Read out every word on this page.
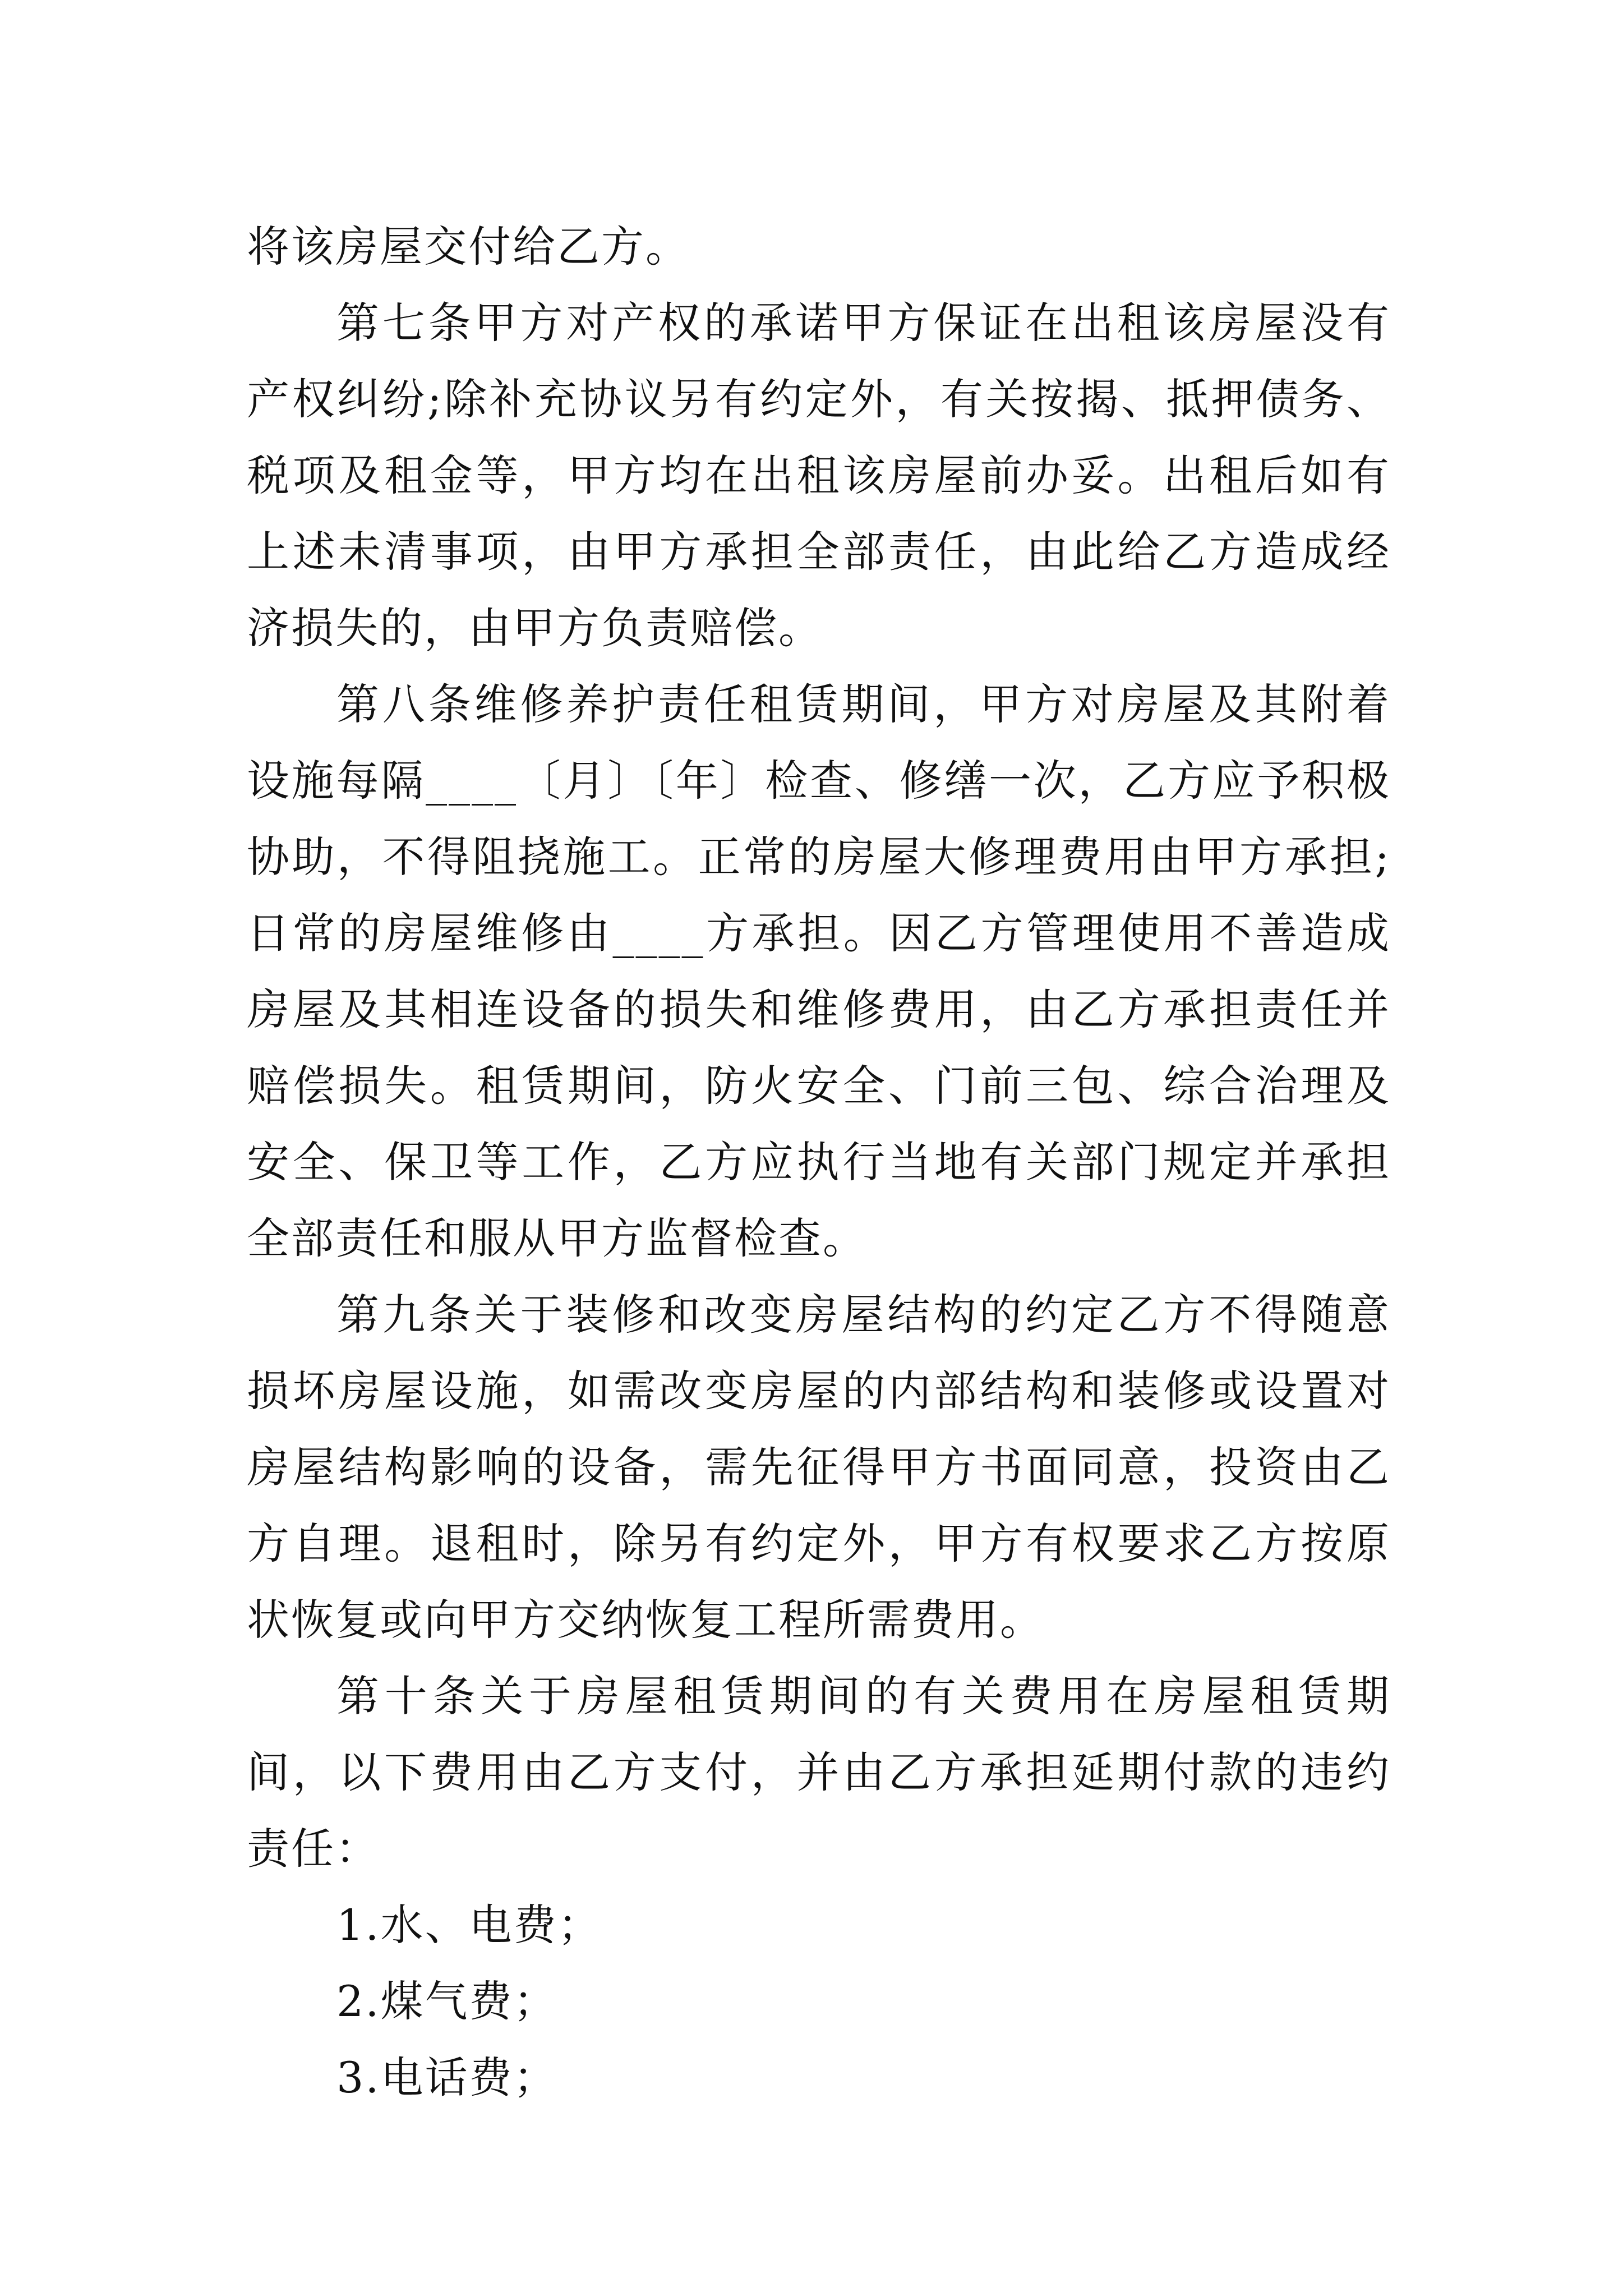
将该房屋交付给乙方。

第七条甲方对产权的承诺甲方保证在出租该房屋没有产权纠纷;除补充协议另有约定外，有关按揭、抵押债务、税项及租金等，甲方均在出租该房屋前办妥。出租后如有上述未清事项，由甲方承担全部责任，由此给乙方造成经济损失的，由甲方负责赔偿。

第八条维修养护责任租赁期间，甲方对房屋及其附着设施每隔____〔月〕〔年〕检查、修缮一次，乙方应予积极协助，不得阻挠施工。正常的房屋大修理费用由甲方承担;日常的房屋维修由____方承担。因乙方管理使用不善造成房屋及其相连设备的损失和维修费用，由乙方承担责任并赔偿损失。租赁期间，防火安全、门前三包、综合治理及安全、保卫等工作，乙方应执行当地有关部门规定并承担全部责任和服从甲方监督检查。

第九条关于装修和改变房屋结构的约定乙方不得随意损坏房屋设施，如需改变房屋的内部结构和装修或设置对房屋结构影响的设备，需先征得甲方书面同意，投资由乙方自理。退租时，除另有约定外，甲方有权要求乙方按原状恢复或向甲方交纳恢复工程所需费用。

第十条关于房屋租赁期间的有关费用在房屋租赁期间，以下费用由乙方支付，并由乙方承担延期付款的违约责任：

1.水、电费；

2.煤气费；

3.电话费；
